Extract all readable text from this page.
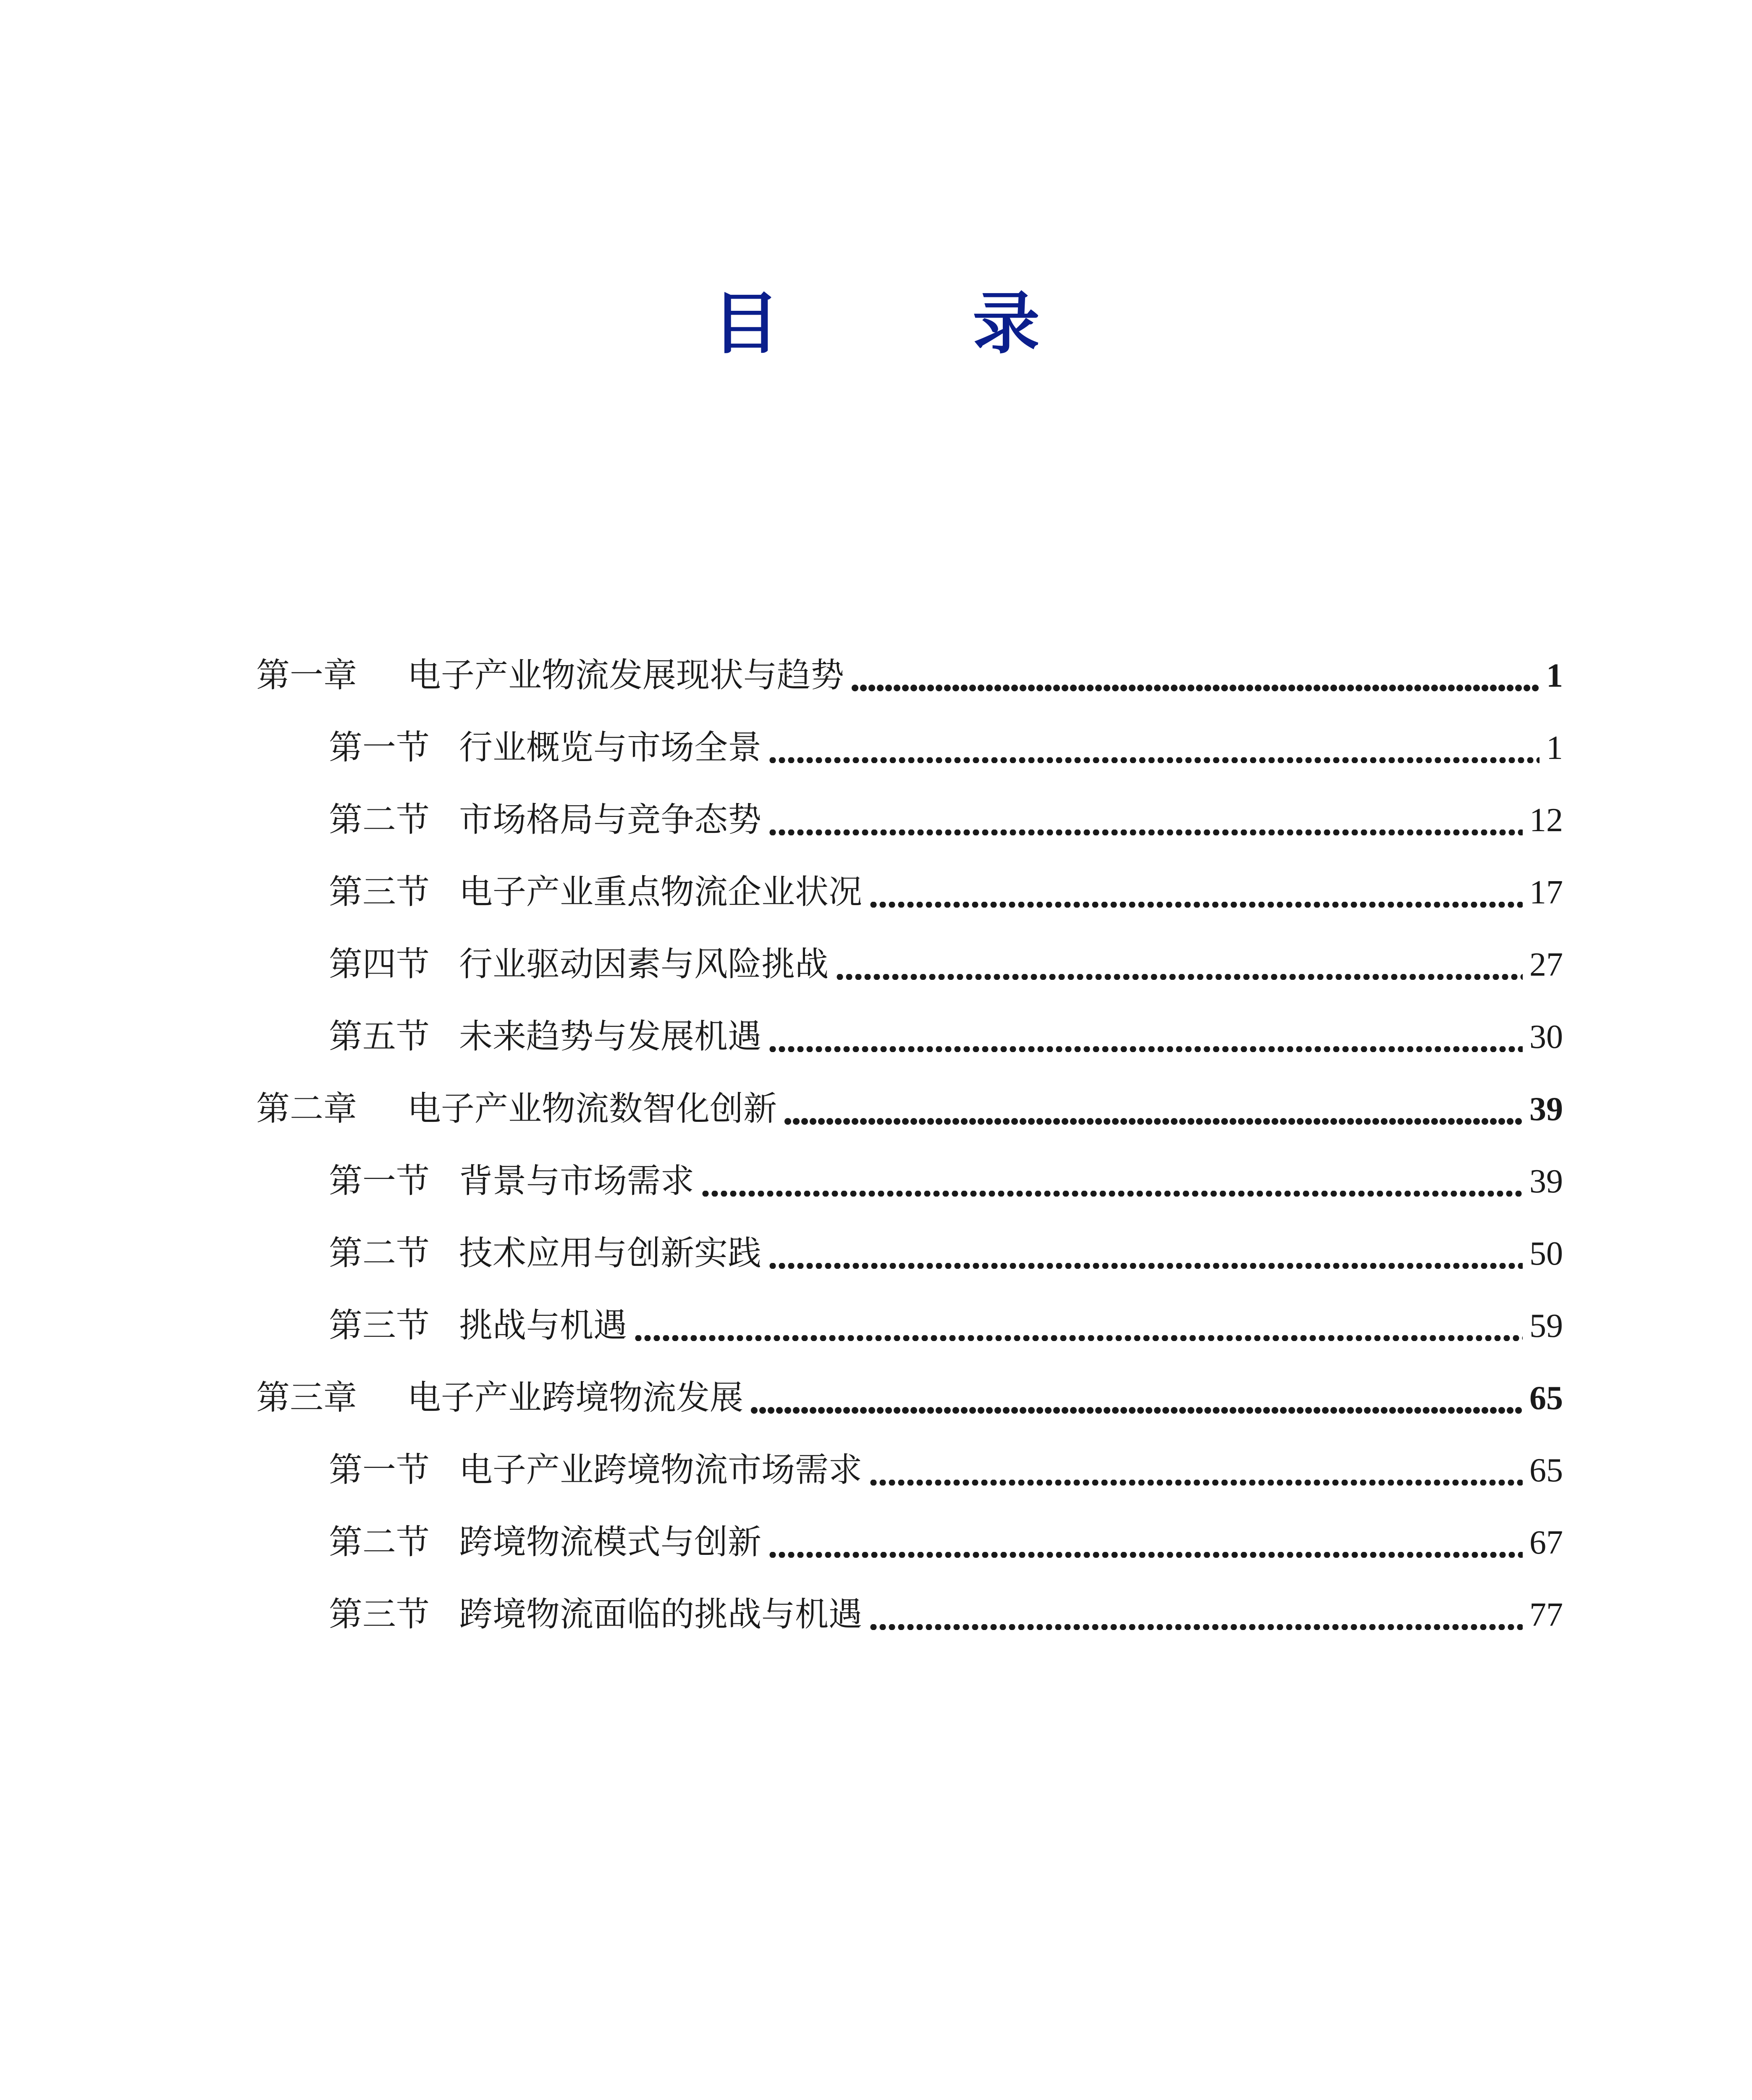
目　录
第一章	电子产业物流发展现状与趋势	1
第一节 行业概览与市场全景	1
第二节 市场格局与竞争态势	12
第三节 电子产业重点物流企业状况	17
第四节 行业驱动因素与风险挑战	27
第五节 未来趋势与发展机遇	30
第二章	电子产业物流数智化创新	39
第一节 背景与市场需求	39
第二节 技术应用与创新实践	50
第三节 挑战与机遇	59
第三章	电子产业跨境物流发展	65
第一节 电子产业跨境物流市场需求	65
第二节 跨境物流模式与创新	67
第三节 跨境物流面临的挑战与机遇	77
